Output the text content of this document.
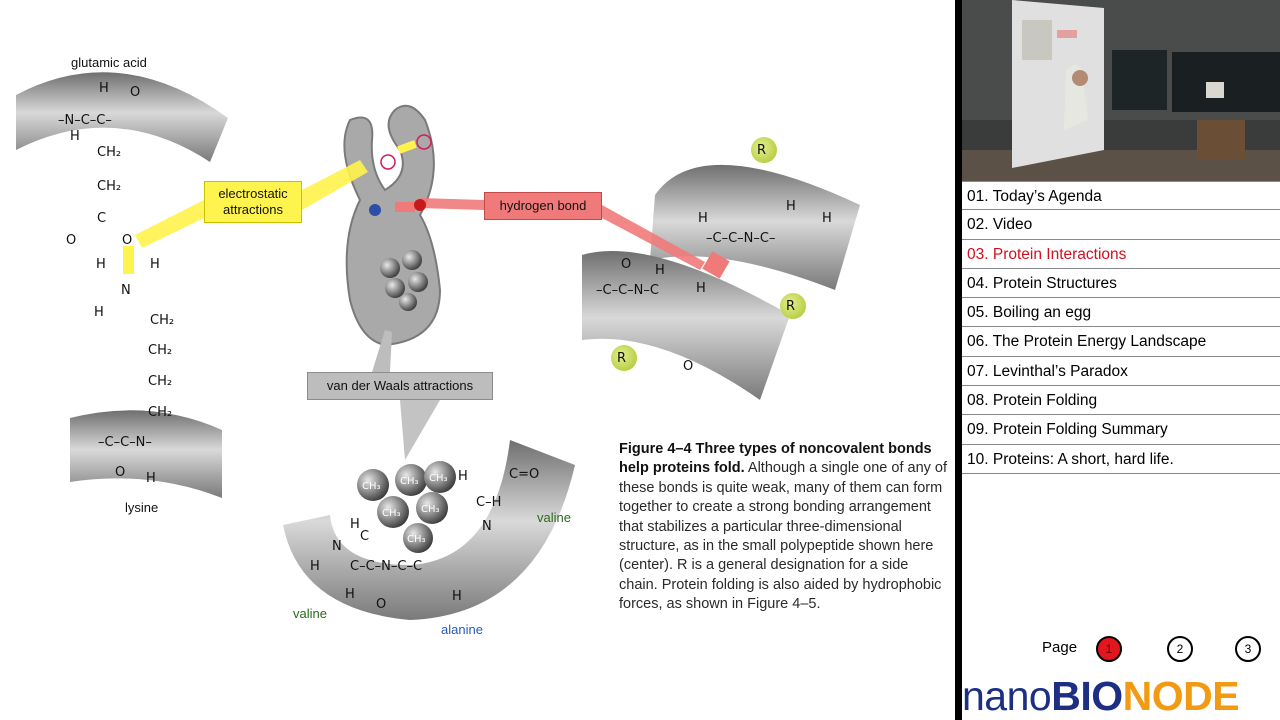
H O
–N–C–C–
H
CH₂
CH₂
C
O	O
H	H
N
H
CH₂
CH₂
CH₂
CH₂
–C–C–N–
O H
R
R
R
H
H
H
–C–C–N–C–
O H
H
–C–C–N–C
O
H	C=O
C–H
N
H
C
N
H C–C–N–C–C
H
O
H
CH₃ CH₃ CH₃
CH₃ CH₃
CH₃
glutamic acid
lysine
valine
valine
alanine
electrostatic attractions	hydrogen bond
van der Waals attractions
Figure 4–4 Three types of noncovalent bonds help proteins fold. Although a single one of any of these bonds is quite weak, many of them can form together to create a strong bonding arrangement that stabilizes a particular three-dimensional structure, as in the small polypeptide shown here (center). R is a general designation for a side chain. Protein folding is also aided by hydrophobic forces, as shown in Figure 4–5.
01. Today’s Agenda
02. Video
03. Protein Interactions
04. Protein Structures
05. Boiling an egg
06. The Protein Energy Landscape
07. Levinthal’s Paradox
08. Protein Folding
09. Protein Folding Summary
10. Proteins: A short, hard life.
Page	1	2	3
nanoBIONODE
